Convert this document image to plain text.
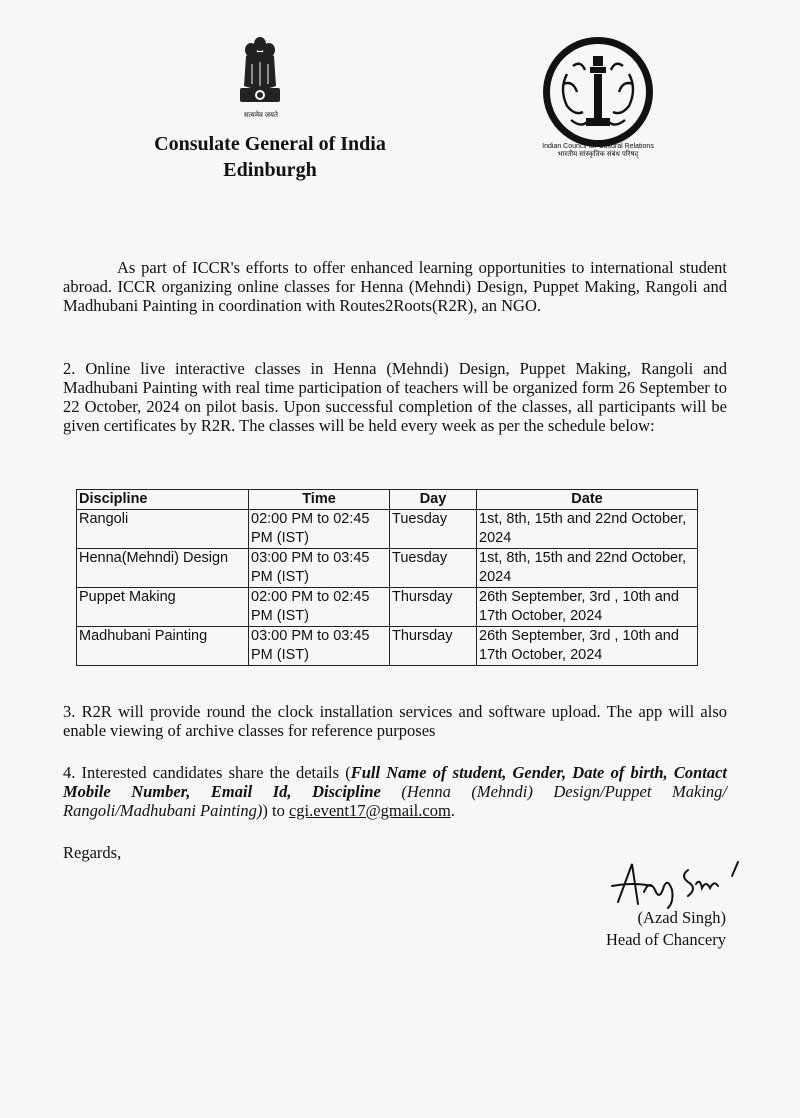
सत्यमेव जयते
Indian Council for Cultural Relations
भारतीय सांस्कृतिक संबंध परिषद्
Consulate General of India
Edinburgh
As part of ICCR's efforts to offer enhanced learning opportunities to international student abroad. ICCR organizing online classes for Henna (Mehndi) Design, Puppet Making, Rangoli and Madhubani Painting in coordination with Routes2Roots(R2R), an NGO.
2. Online live interactive classes in Henna (Mehndi) Design, Puppet Making, Rangoli and Madhubani Painting with real time participation of teachers will be organized form 26 September to 22 October, 2024 on pilot basis. Upon successful completion of the classes, all participants will be given certificates by R2R. The classes will be held every week as per the schedule below:
Discipline	Time	Day	Date
Rangoli	02:00 PM to 02:45 PM (IST)	Tuesday	1st, 8th, 15th and 22nd October, 2024
Henna(Mehndi) Design	03:00 PM to 03:45 PM (IST)	Tuesday	1st, 8th, 15th and 22nd October, 2024
Puppet Making	02:00 PM to 02:45 PM (IST)	Thursday	26th September, 3rd , 10th and 17th October, 2024
Madhubani Painting	03:00 PM to 03:45 PM (IST)	Thursday	26th September, 3rd , 10th and 17th October, 2024
3. R2R will provide round the clock installation services and software upload. The app will also enable viewing of archive classes for reference purposes
4. Interested candidates share the details (Full Name of student, Gender, Date of birth, Contact Mobile Number, Email Id, Discipline (Henna (Mehndi) Design/Puppet Making/ Rangoli/Madhubani Painting)) to cgi.event17@gmail.com.
Regards,
(Azad Singh)
Head of Chancery
